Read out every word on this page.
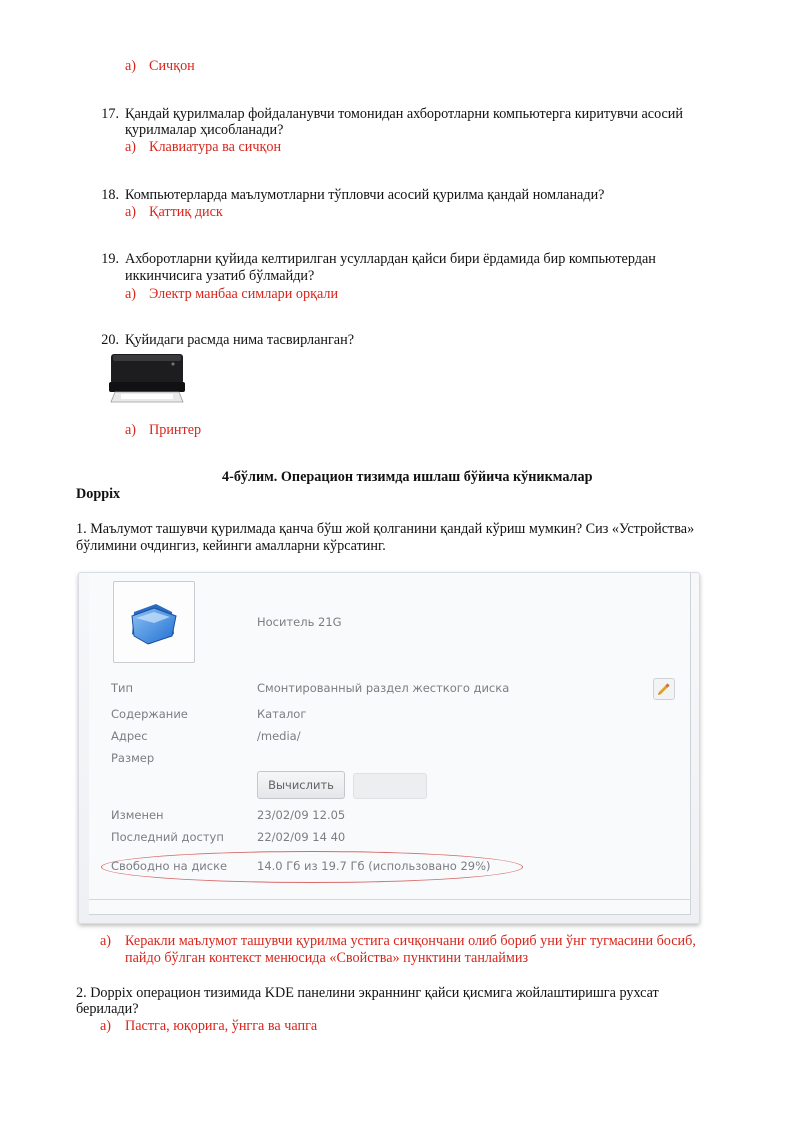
a) Сичқон
17. Қандай қурилмалар фойдаланувчи томонидан ахборотларни компьютерга киритувчи асосий
қурилмалар ҳисобланади?
a) Клавиатура ва сичқон
18. Компьютерларда маълумотларни тўпловчи асосий қурилма қандай номланади?
a) Қаттиқ диск
19. Ахборотларни қуйида келтирилган усуллардан қайси бири ёрдамида бир компьютердан
иккинчисига узатиб бўлмайди?
a) Электр манбаа симлари орқали
20. Қуйидаги расмда нима тасвирланган?
a) Принтер
4-бўлим. Операцион тизимда ишлаш бўйича кўникмалар
Doppix
1. Маълумот ташувчи қурилмада қанча бўш жой қолганини қандай кўриш мумкин? Сиз «Устройства»
бўлимини очдингиз, кейинги амалларни кўрсатинг.
Носитель 21G
Тип	Смонтированный раздел жесткого диска
Содержание	Каталог
Адрес	/media/
Размер
Вычислить
Изменен	23/02/09 12.05
Последний доступ	22/02/09 14 40
Свободно на диске	14.0 Гб из 19.7 Гб (использовано 29%)
a) Керакли маълумот ташувчи қурилма устига сичқончани олиб бориб уни ўнг тугмасини босиб,
пайдо бўлган контекст менюсида «Свойства» пунктини танлаймиз
2. Doppix операцион тизимида KDE панелини экраннинг қайси қисмига жойлаштиришга рухсат
берилади?
a) Пастга, юқорига, ўнгга ва чапга
